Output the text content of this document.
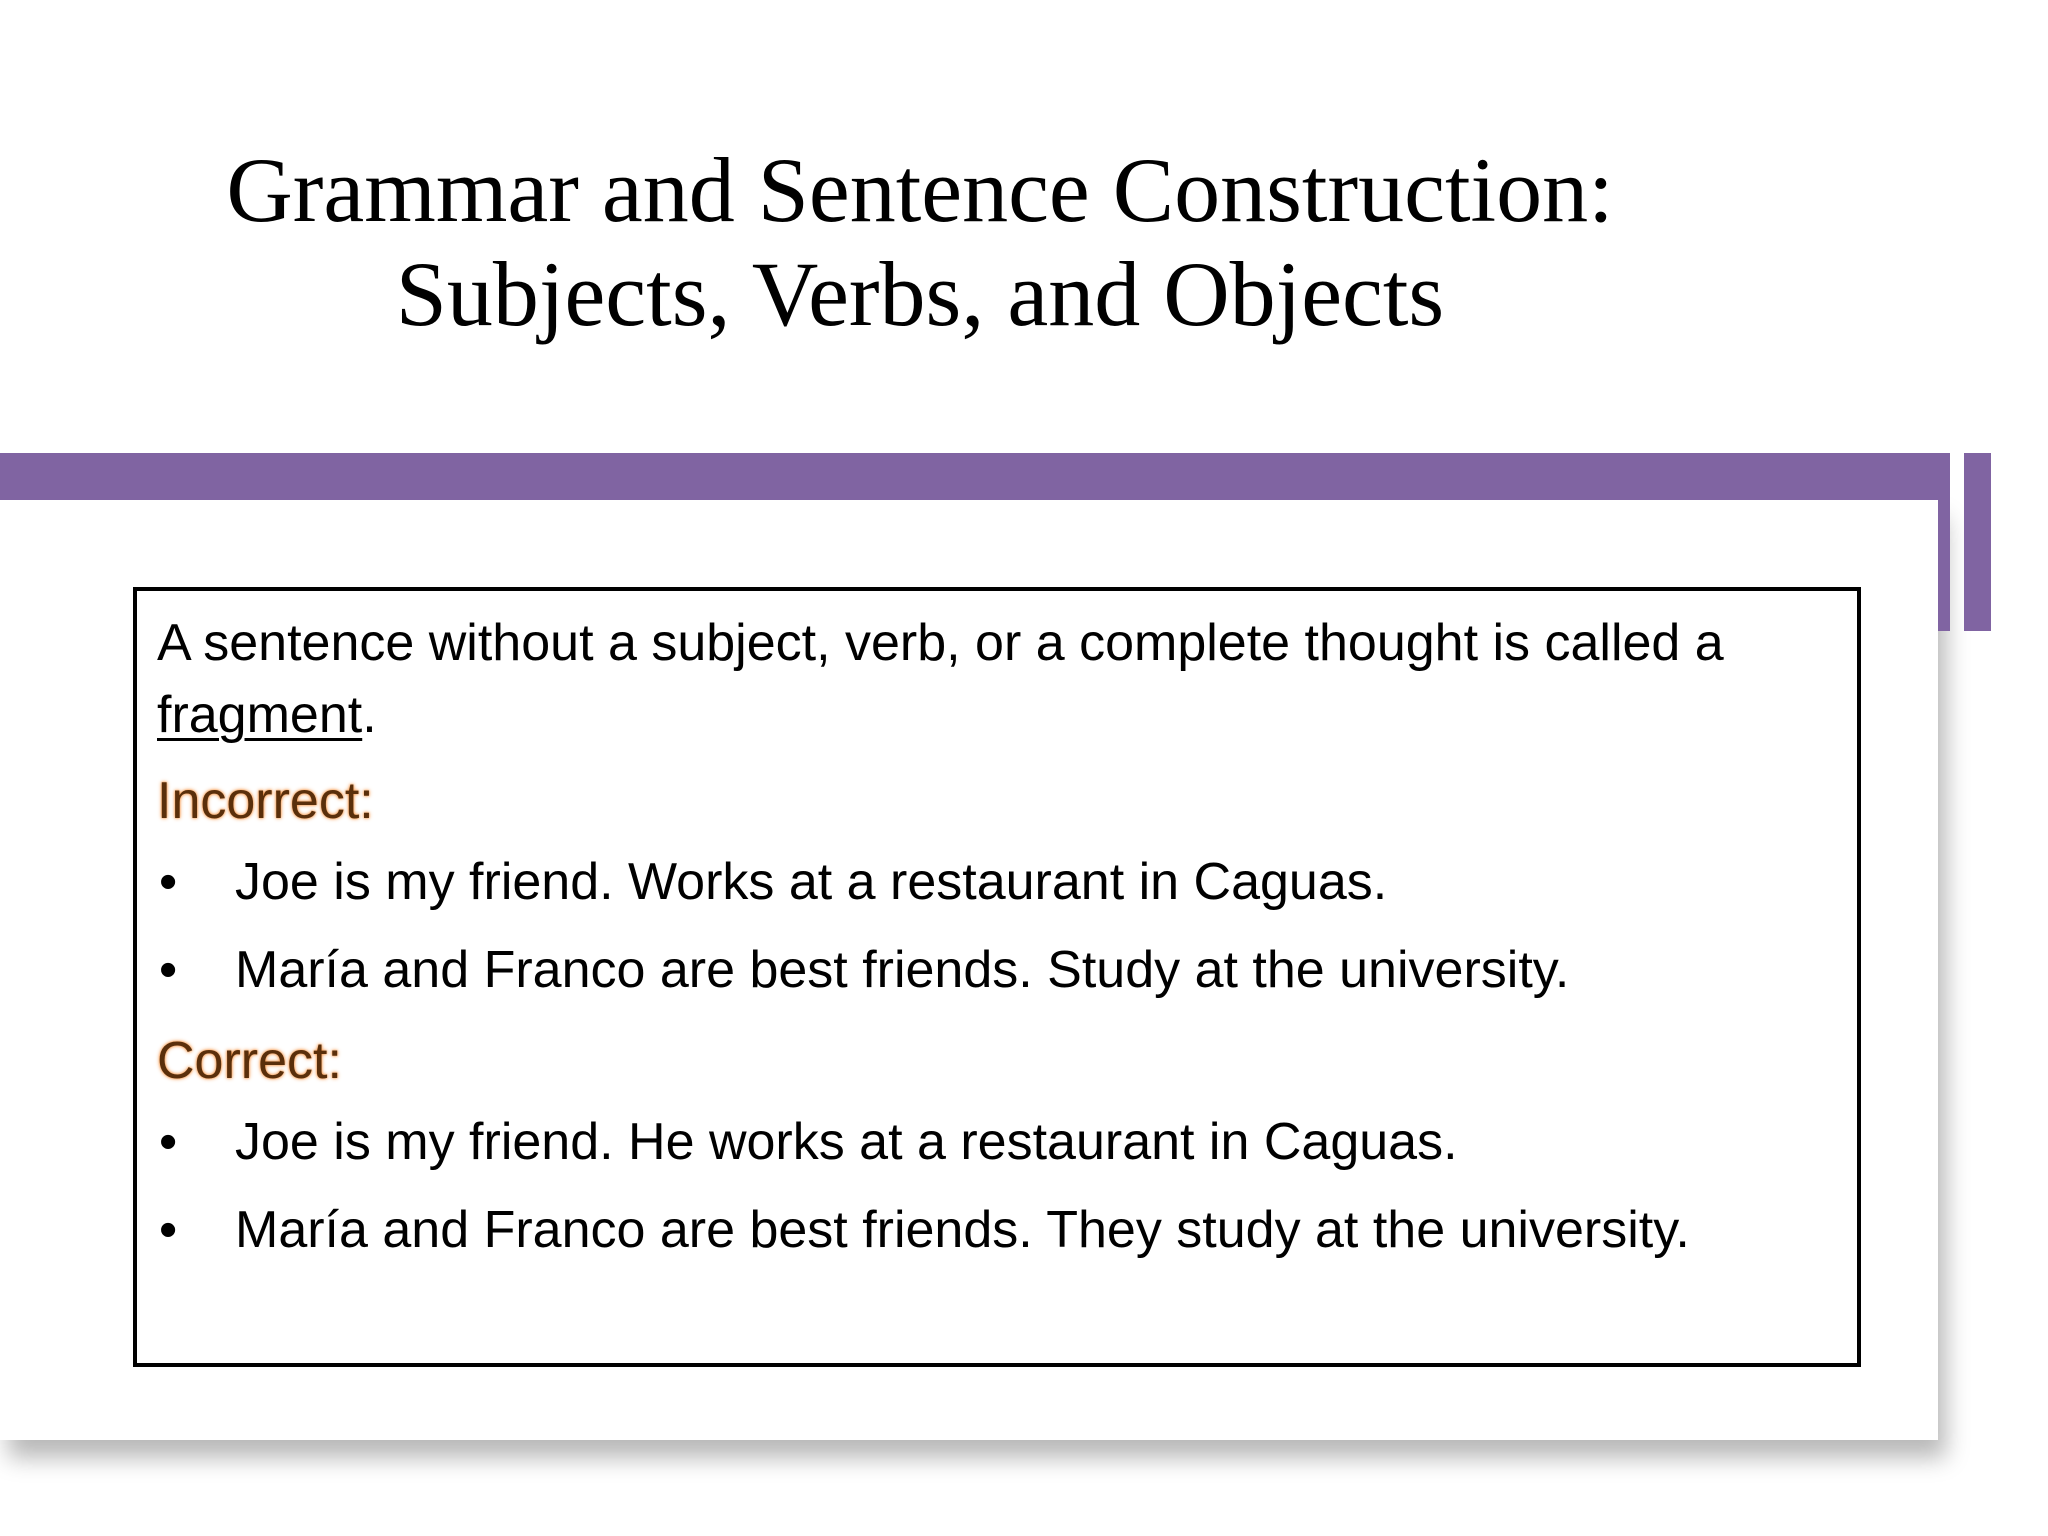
Grammar and Sentence Construction:
Subjects, Verbs, and Objects

A sentence without a subject, verb, or a complete thought is called a
fragment.

Incorrect:
• Joe is my friend. Works at a restaurant in Caguas.
• María and Franco are best friends. Study at the university.
Correct:
• Joe is my friend. He works at a restaurant in Caguas.
• María and Franco are best friends. They study at the university.
